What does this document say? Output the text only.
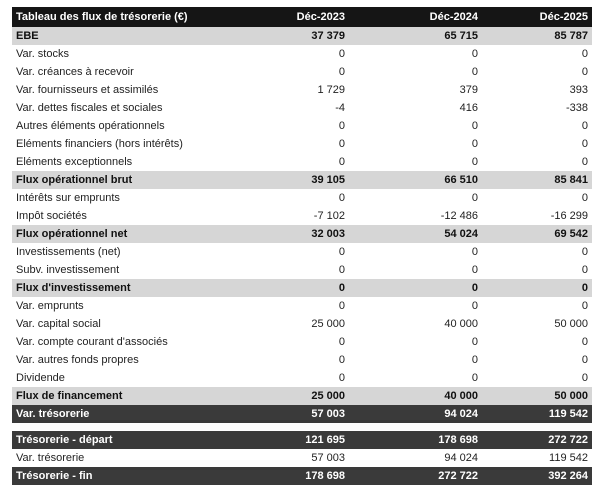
Tableau des flux de trésorerie (€)	Déc-2023	Déc-2024	Déc-2025
EBE	37 379	65 715	85 787
Var. stocks	0	0	0
Var. créances à recevoir	0	0	0
Var. fournisseurs et assimilés	1 729	379	393
Var. dettes fiscales et sociales	-4	416	-338
Autres éléments opérationnels	0	0	0
Eléments financiers (hors intérêts)	0	0	0
Eléments exceptionnels	0	0	0
Flux opérationnel brut	39 105	66 510	85 841
Intérêts sur emprunts	0	0	0
Impôt sociétés	-7 102	-12 486	-16 299
Flux opérationnel net	32 003	54 024	69 542
Investissements (net)	0	0	0
Subv. investissement	0	0	0
Flux d'investissement	0	0	0
Var. emprunts	0	0	0
Var. capital social	25 000	40 000	50 000
Var. compte courant d'associés	0	0	0
Var. autres fonds propres	0	0	0
Dividende	0	0	0
Flux de financement	25 000	40 000	50 000
Var. trésorerie	57 003	94 024	119 542

Trésorerie - départ	121 695	178 698	272 722
Var. trésorerie	57 003	94 024	119 542
Trésorerie - fin	178 698	272 722	392 264
